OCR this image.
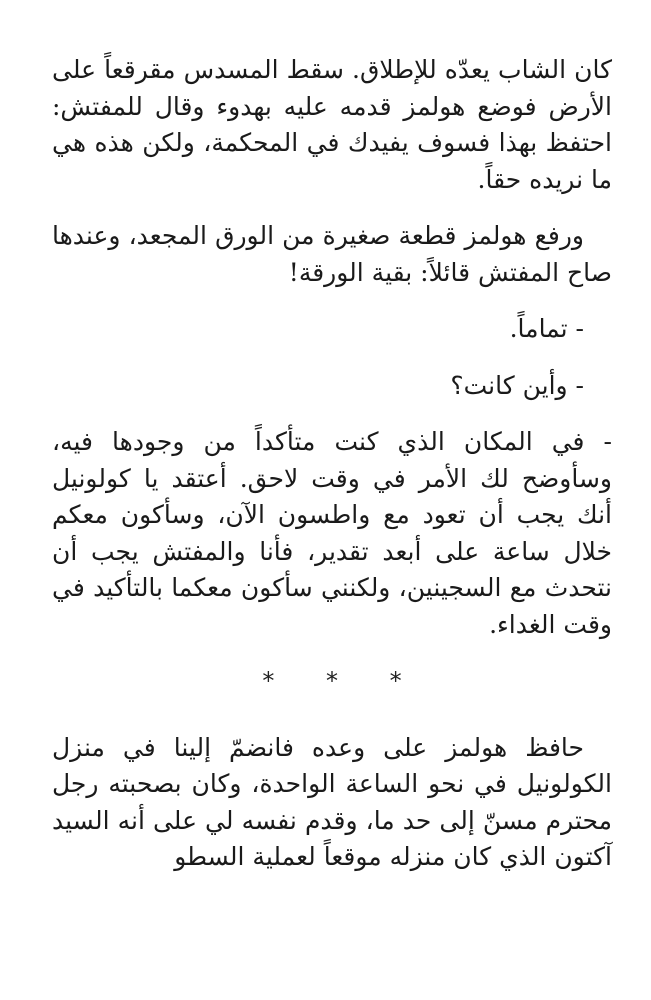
كان الشاب يعدّه للإطلاق. سقط المسدس مقرقعاً على الأرض فوضع هولمز قدمه عليه بهدوء وقال للمفتش: احتفظ بهذا فسوف يفيدك في المحكمة، ولكن هذه هي ما نريده حقاً.

ورفع هولمز قطعة صغيرة من الورق المجعد، وعندها صاح المفتش قائلاً: بقية الورقة!

- تماماً.

- وأين كانت؟

- في المكان الذي كنت متأكداً من وجودها فيه، وسأوضح لك الأمر في وقت لاحق. أعتقد يا كولونيل أنك يجب أن تعود مع واطسون الآن، وسأكون معكم خلال ساعة على أبعد تقدير، فأنا والمفتش يجب أن نتحدث مع السجينين، ولكنني سأكون معكما بالتأكيد في وقت الغداء.

* * *

حافظ هولمز على وعده فانضمّ إلينا في منزل الكولونيل في نحو الساعة الواحدة، وكان بصحبته رجل محترم مسنّ إلى حد ما، وقدم نفسه لي على أنه السيد آكتون الذي كان منزله موقعاً لعملية السطو
